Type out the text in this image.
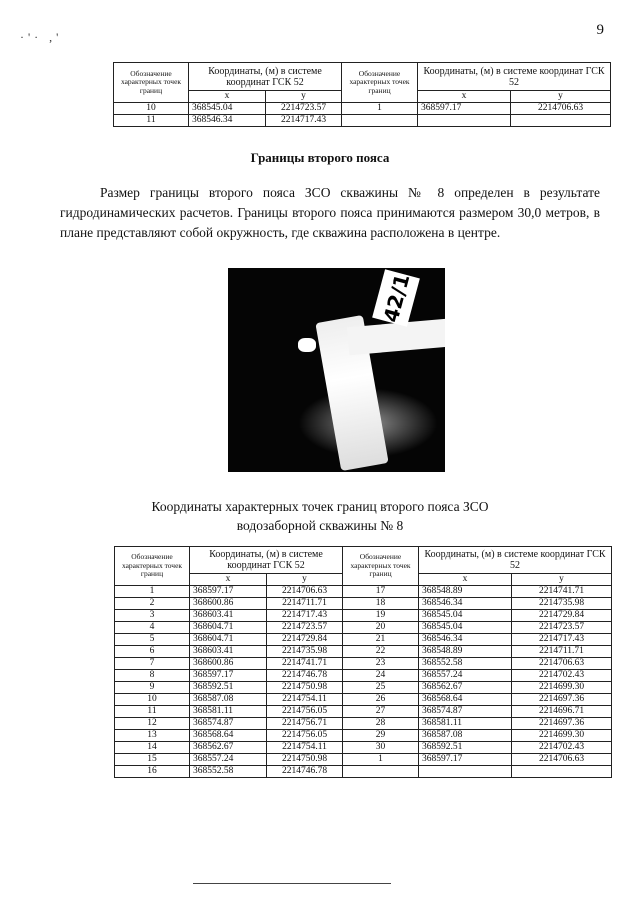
·'· ,'	9
Обозначение характерных точек границ	Координаты, (м) в системе координат ГСК 52		Обозначение характерных точек границ	Координаты, (м) в системе координат ГСК 52	
	х	у		х	у
10	368545.04	2214723.57	1	368597.17	2214706.63
11	368546.34	2214717.43			
Границы второго пояса
Размер границы второго пояса ЗСО скважины № 8 определен в результате гидродинамических расчетов. Границы второго пояса принимаются размером 30,0 метров, в плане представляют собой окружность, где скважина расположена в центре.
42/1
Координаты характерных точек границ второго пояса ЗСО
водозаборной скважины № 8
Обозначение характерных точек границ	Координаты, (м) в системе координат ГСК 52		Обозначение характерных точек границ	Координаты, (м) в системе координат ГСК 52	
	х	у		х	у
1	368597.17	2214706.63	17	368548.89	2214741.71
2	368600.86	2214711.71	18	368546.34	2214735.98
3	368603.41	2214717.43	19	368545.04	2214729.84
4	368604.71	2214723.57	20	368545.04	2214723.57
5	368604.71	2214729.84	21	368546.34	2214717.43
6	368603.41	2214735.98	22	368548.89	2214711.71
7	368600.86	2214741.71	23	368552.58	2214706.63
8	368597.17	2214746.78	24	368557.24	2214702.43
9	368592.51	2214750.98	25	368562.67	2214699.30
10	368587.08	2214754.11	26	368568.64	2214697.36
11	368581.11	2214756.05	27	368574.87	2214696.71
12	368574.87	2214756.71	28	368581.11	2214697.36
13	368568.64	2214756.05	29	368587.08	2214699.30
14	368562.67	2214754.11	30	368592.51	2214702.43
15	368557.24	2214750.98	1	368597.17	2214706.63
16	368552.58	2214746.78			
